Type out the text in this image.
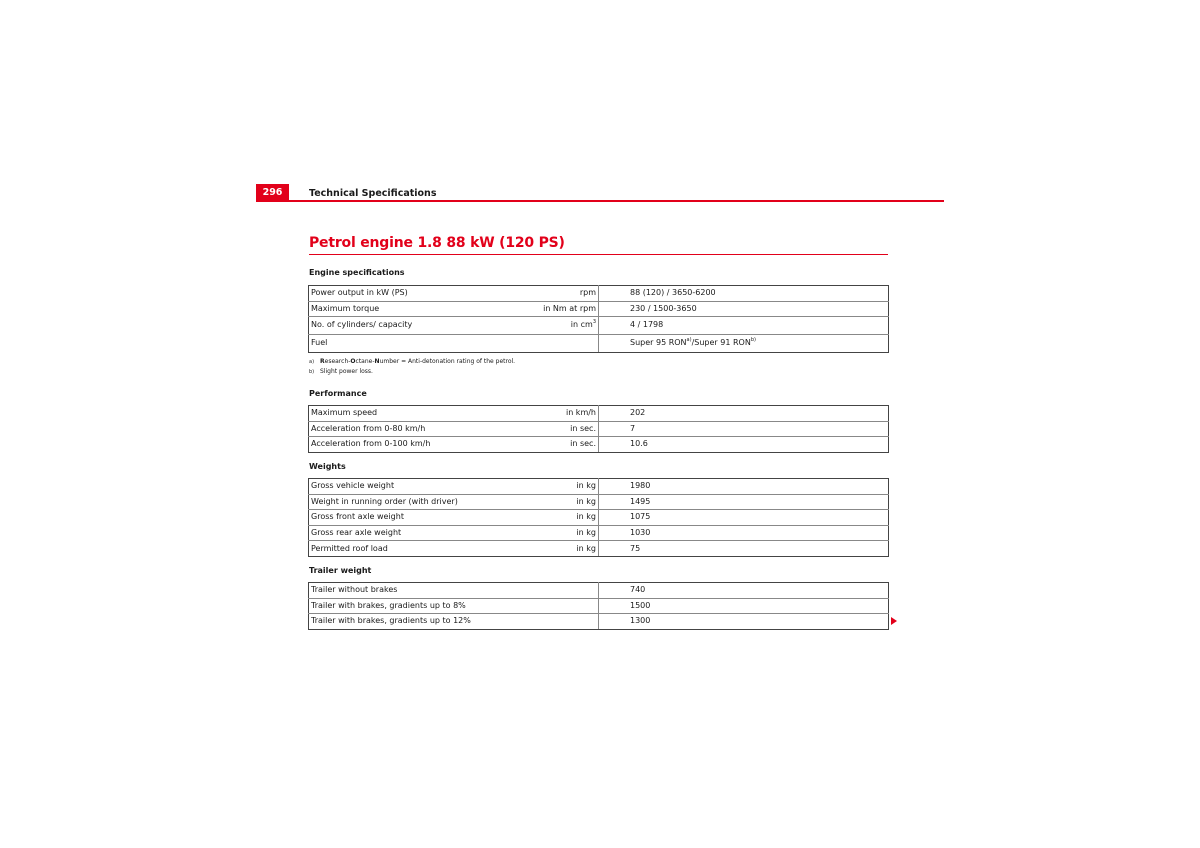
296	Technical Specifications
Petrol engine 1.8 88 kW (120 PS)
Engine specifications
Power output in kW (PS)	rpm	88 (120) / 3650-6200
Maximum torque	in Nm at rpm	230 / 1500-3650
No. of cylinders/ capacity	in $cm^3$	4 / 1798
Fuel		Super 95 RON$^{a)}$/Super 91 RON$^{b)}$
a) Research-Octane-Number = Anti-detonation rating of the petrol.
b) Slight power loss.
Performance
Maximum speed	in km/h	202
Acceleration from 0-80 km/h	in sec.	7
Acceleration from 0-100 km/h	in sec.	10.6
Weights
Gross vehicle weight	in kg	1980
Weight in running order (with driver)	in kg	1495
Gross front axle weight	in kg	1075
Gross rear axle weight	in kg	1030
Permitted roof load	in kg	75
Trailer weight
Trailer without brakes	740
Trailer with brakes, gradients up to 8%	1500
Trailer with brakes, gradients up to 12%	1300
